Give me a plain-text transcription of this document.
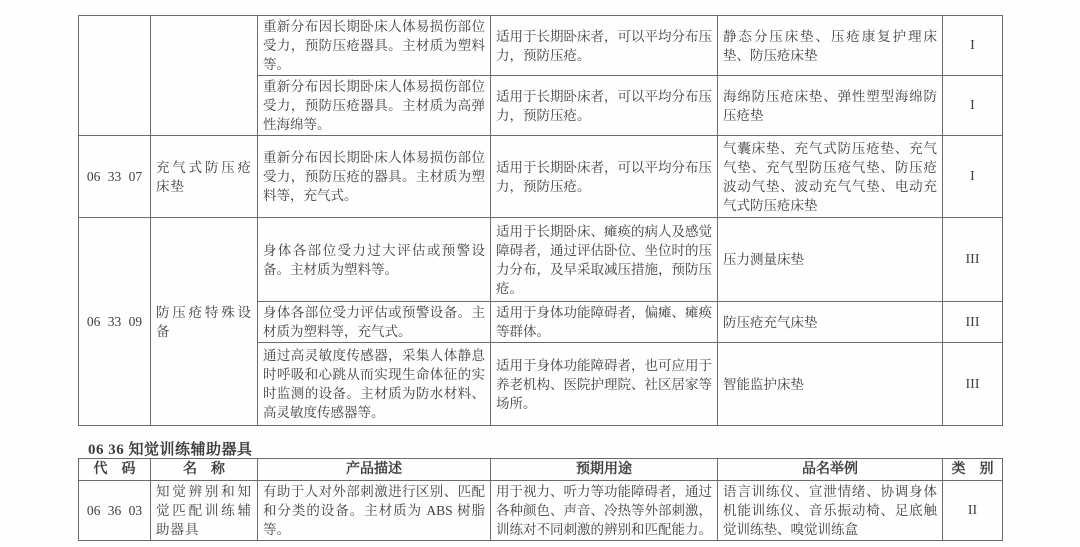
		重新分布因长期卧床人体易损伤部位受力，预防压疮器具。主材质为塑料等。	适用于长期卧床者，可以平均分布压力，预防压疮。	静态分压床垫、压疮康复护理床垫、防压疮床垫	I
		重新分布因长期卧床人体易损伤部位受力，预防压疮器具。主材质为高弹性海绵等。	适用于长期卧床者，可以平均分布压力，预防压疮。	海绵防压疮床垫、弹性塑型海绵防压疮垫	I
06 33 07	充气式防压疮床垫	重新分布因长期卧床人体易损伤部位受力，预防压疮的器具。主材质为塑料等，充气式。	适用于长期卧床者，可以平均分布压力，预防压疮。	气囊床垫、充气式防压疮垫、充气气垫、充气型防压疮气垫、防压疮波动气垫、波动充气气垫、电动充气式防压疮床垫	I
06 33 09	防压疮特殊设备	身体各部位受力过大评估或预警设备。主材质为塑料等。	适用于长期卧床、瘫痪的病人及感觉障碍者，通过评估卧位、坐位时的压力分布，及早采取减压措施，预防压疮。	压力测量床垫	III
		身体各部位受力评估或预警设备。主材质为塑料等，充气式。	适用于身体功能障碍者，偏瘫、瘫痪等群体。	防压疮充气床垫	III
		通过高灵敏度传感器，采集人体静息时呼吸和心跳从而实现生命体征的实时监测的设备。主材质为防水材料、高灵敏度传感器等。	适用于身体功能障碍者，也可应用于养老机构、医院护理院、社区居家等场所。	智能监护床垫	III
06 36 知觉训练辅助器具
代　码	名　称	产品描述	预期用途	品名举例	类　别
06 36 03	知觉辨别和知觉匹配训练辅助器具	有助于人对外部刺激进行区别、匹配和分类的设备。主材质为 ABS 树脂等。	用于视力、听力等功能障碍者，通过各种颜色、声音、冷热等外部刺激，训练对不同刺激的辨别和匹配能力。	语言训练仪、宣泄情绪、协调身体机能训练仪、音乐振动椅、足底触觉训练垫、嗅觉训练盒	II
